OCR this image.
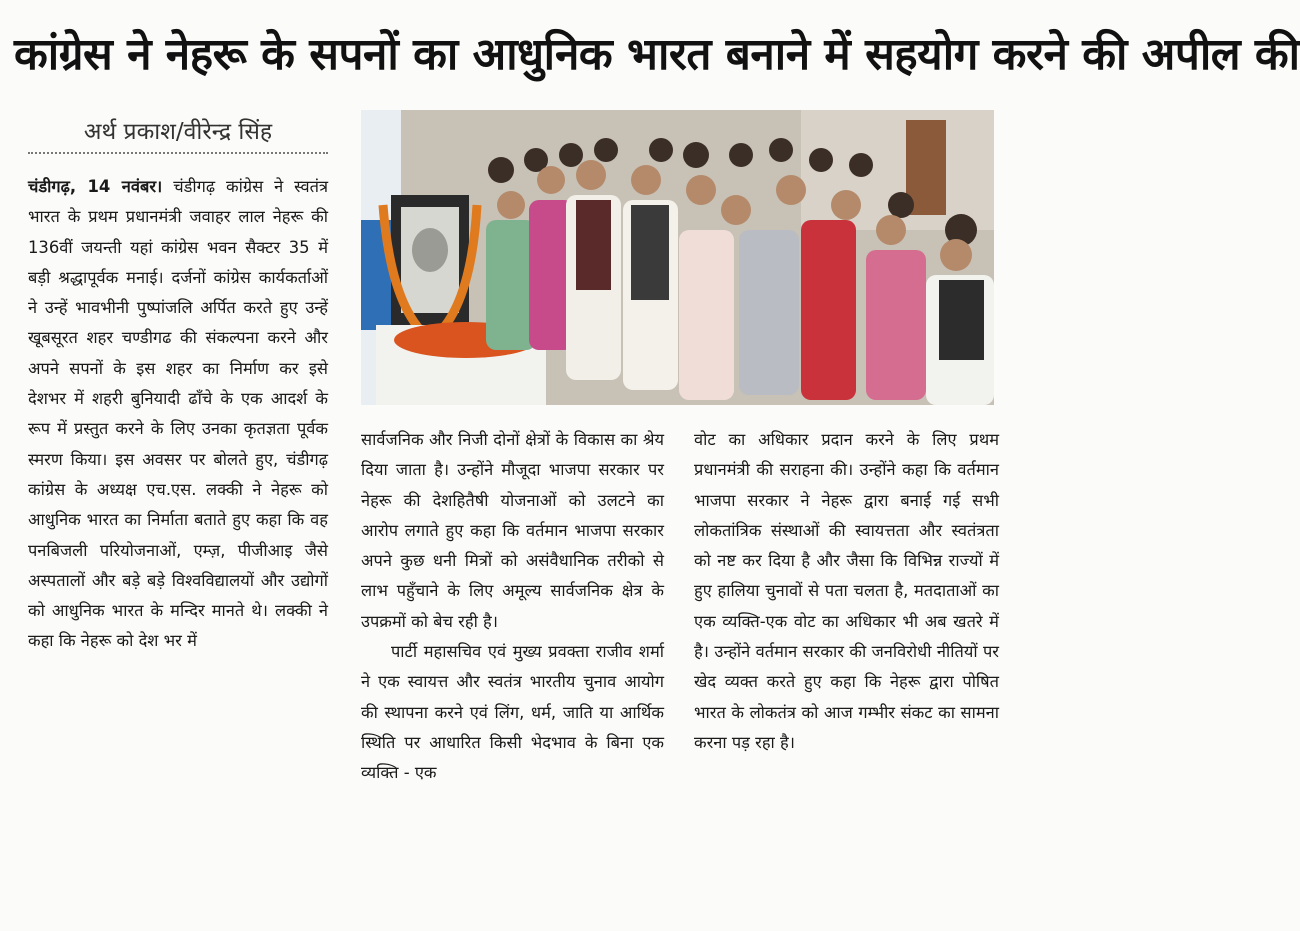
कांग्रेस ने नेहरू के सपनों का आधुनिक भारत बनाने में सहयोग करने की अपील की
अर्थ प्रकाश/वीरेन्द्र सिंह

चंडीगढ़, 14 नवंबर। चंडीगढ़ कांग्रेस ने स्वतंत्र भारत के प्रथम प्रधानमंत्री जवाहर लाल नेहरू की 136वीं जयन्ती यहां कांग्रेस भवन सैक्टर 35 में बड़ी श्रद्धापूर्वक मनाई। दर्जनों कांग्रेस कार्यकर्ताओं ने उन्हें भावभीनी पुष्पांजलि अर्पित करते हुए उन्हें खूबसूरत शहर चण्डीगढ की संकल्पना करने और अपने सपनों के इस शहर का निर्माण कर इसे देशभर में शहरी बुनियादी ढाँचे के एक आदर्श के रूप में प्रस्तुत करने के लिए उनका कृतज्ञता पूर्वक स्मरण किया। इस अवसर पर बोलते हुए, चंडीगढ़ कांग्रेस के अध्यक्ष एच.एस. लक्की ने नेहरू को आधुनिक भारत का निर्माता बताते हुए कहा कि वह पनबिजली परियोजनाओं, एम्ज़, पीजीआइ जैसे अस्पतालों और बड़े बड़े विश्वविद्यालयों और उद्योगों को आधुनिक भारत के मन्दिर मानते थे। लक्की ने कहा कि नेहरू को देश भर में

सार्वजनिक और निजी दोनों क्षेत्रों के विकास का श्रेय दिया जाता है। उन्होंने मौजूदा भाजपा सरकार पर नेहरू की देशहितैषी योजनाओं को उलटने का आरोप लगाते हुए कहा कि वर्तमान भाजपा सरकार अपने कुछ धनी मित्रों को असंवैधानिक तरीको से लाभ पहुँचाने के लिए अमूल्य सार्वजनिक क्षेत्र के उपक्रमों को बेच रही है।

पार्टी महासचिव एवं मुख्य प्रवक्ता राजीव शर्मा ने एक स्वायत्त और स्वतंत्र भारतीय चुनाव आयोग की स्थापना करने एवं लिंग, धर्म, जाति या आर्थिक स्थिति पर आधारित किसी भेदभाव के बिना एक व्यक्ति - एक

वोट का अधिकार प्रदान करने के लिए प्रथम प्रधानमंत्री की सराहना की। उन्होंने कहा कि वर्तमान भाजपा सरकार ने नेहरू द्वारा बनाई गई सभी लोकतांत्रिक संस्थाओं की स्वायत्तता और स्वतंत्रता को नष्ट कर दिया है और जैसा कि विभिन्न राज्यों में हुए हालिया चुनावों से पता चलता है, मतदाताओं का एक व्यक्ति-एक वोट का अधिकार भी अब खतरे में है। उन्होंने वर्तमान सरकार की जनविरोधी नीतियों पर खेद व्यक्त करते हुए कहा कि नेहरू द्वारा पोषित भारत के लोकतंत्र को आज गम्भीर संकट का सामना करना पड़ रहा है।
